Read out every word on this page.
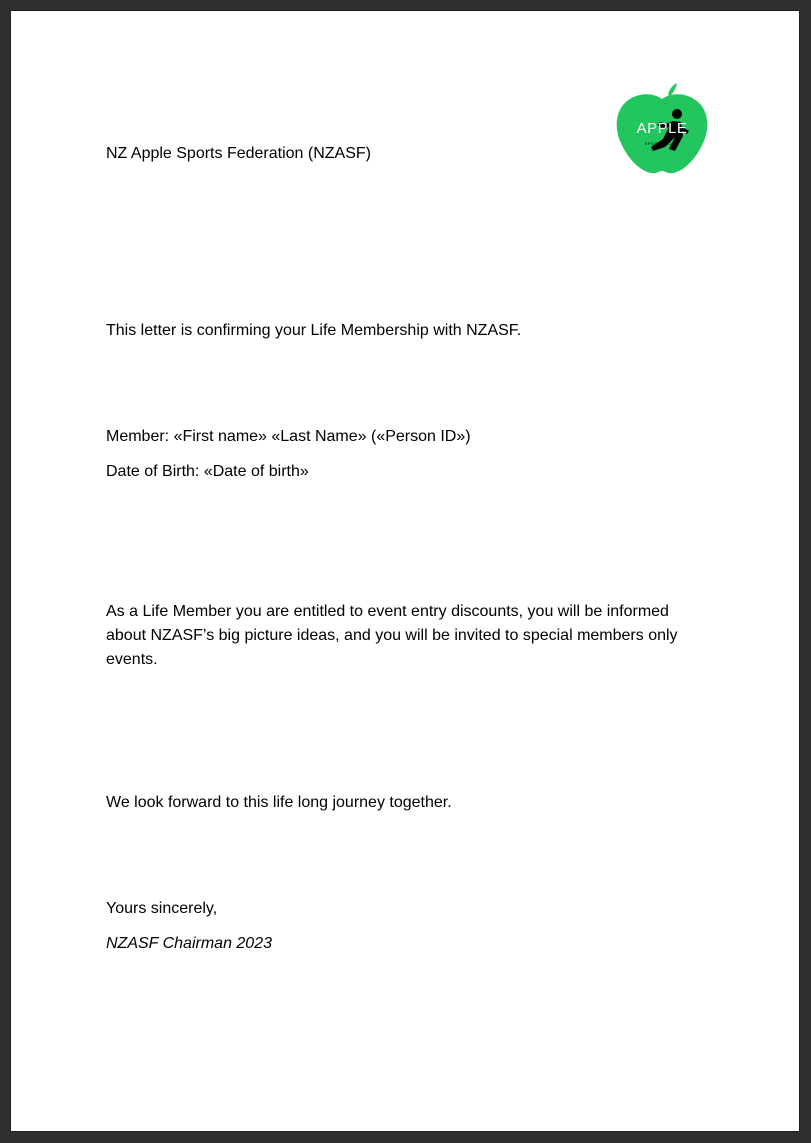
APPLE
SPORTS CLUB
NZ Apple Sports Federation (NZASF)
This letter is confirming your Life Membership with NZASF.
Member: «First name» «Last Name» («Person ID»)
Date of Birth: «Date of birth»
As a Life Member you are entitled to event entry discounts, you will be informed about NZASF’s big picture ideas, and you will be invited to special members only events.
We look forward to this life long journey together.
Yours sincerely,
NZASF Chairman 2023
